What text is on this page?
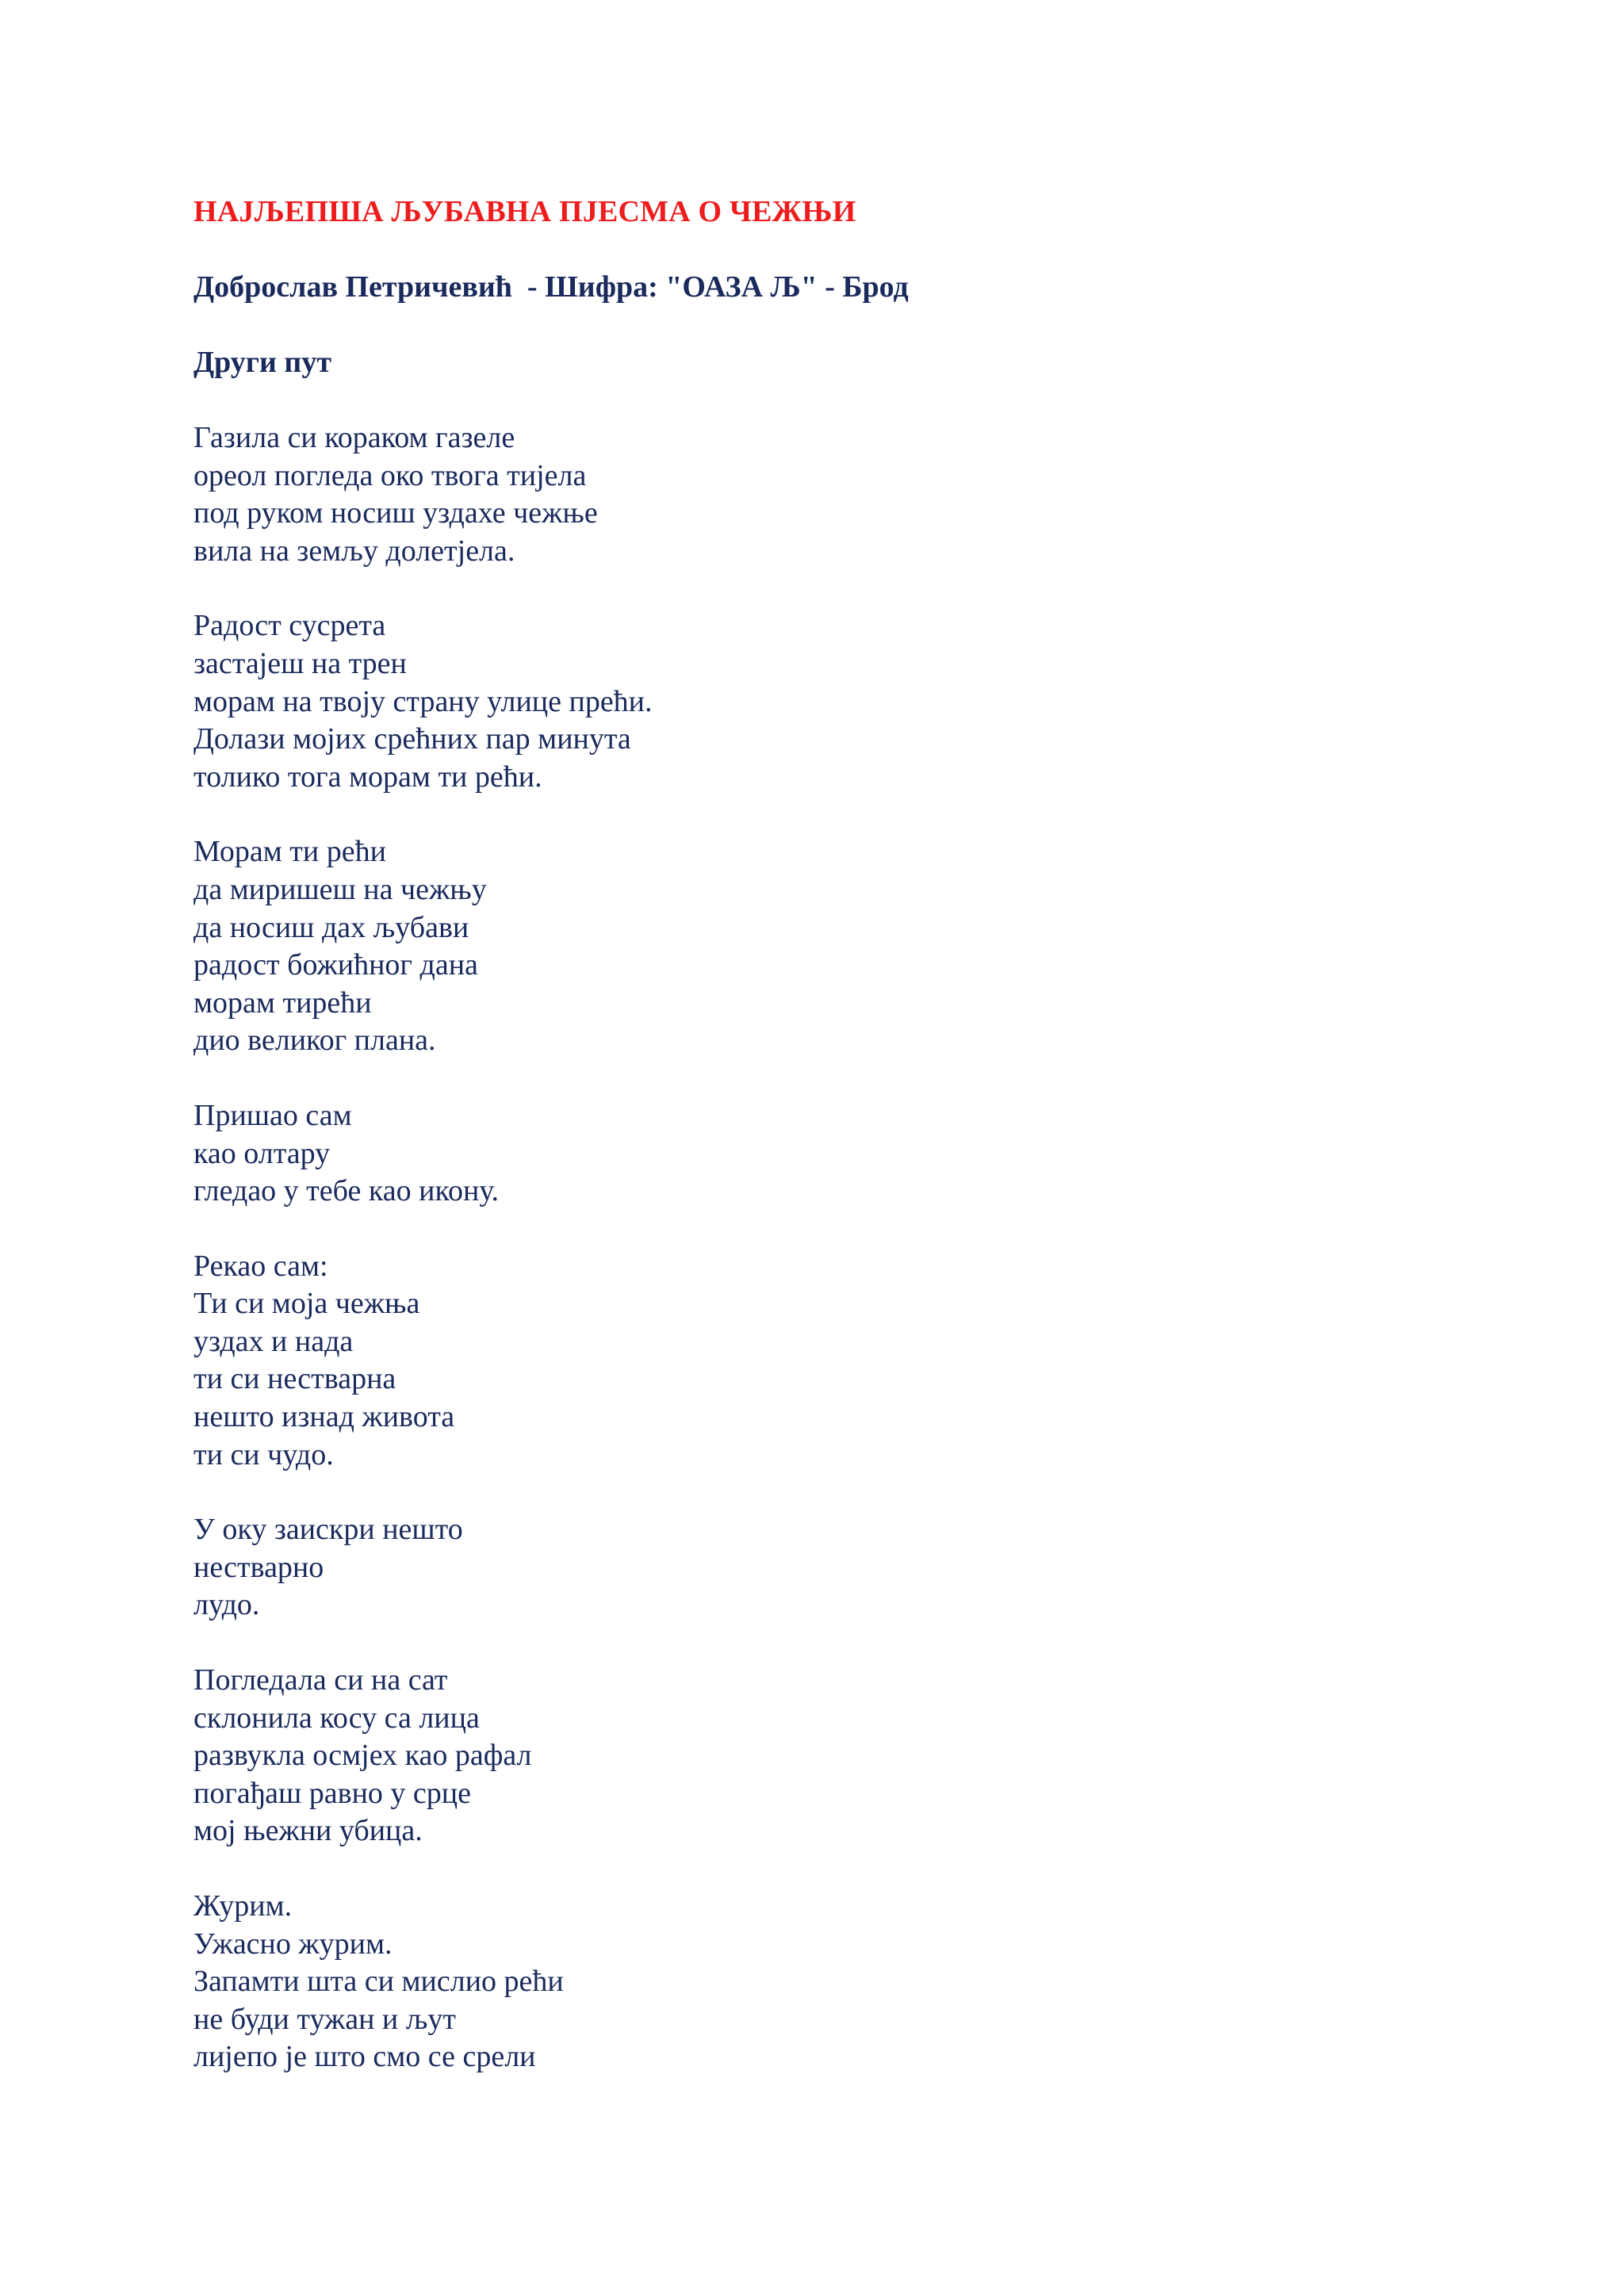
НАЈЉЕПША ЉУБАВНА ПЈЕСМА О ЧЕЖЊИ
Доброслав Петричевић  - Шифра: "ОАЗА Љ" - Брод
Други пут
Газила си кораком газеле
ореол погледа око твога тијела
под руком носиш уздахе чежње
вила на земљу долетјела.
Радост сусрета
застајеш на трен
морам на твоју страну улице прећи.
Долази мојих срећних пар минута
толико тога морам ти рећи.
Морам ти рећи
да миришеш на чежњу
да носиш дах љубави
радост божићног дана
морам тирећи
дио великог плана.
Пришао сам
као олтару
гледао у тебе као икону.
Рекао сам:
Ти си моја чежња
уздах и нада
ти си нестварна
нешто изнад живота
ти си чудо.
У оку заискри нешто
нестварно
лудо.
Погледала си на сат
склонила косу са лица
развукла осмјех као рафал
погађаш равно у срце
мој њежни убица.
Журим.
Ужасно журим.
Запамти шта си мислио рећи
не буди тужан и љут
лијепо је што смо се срели
